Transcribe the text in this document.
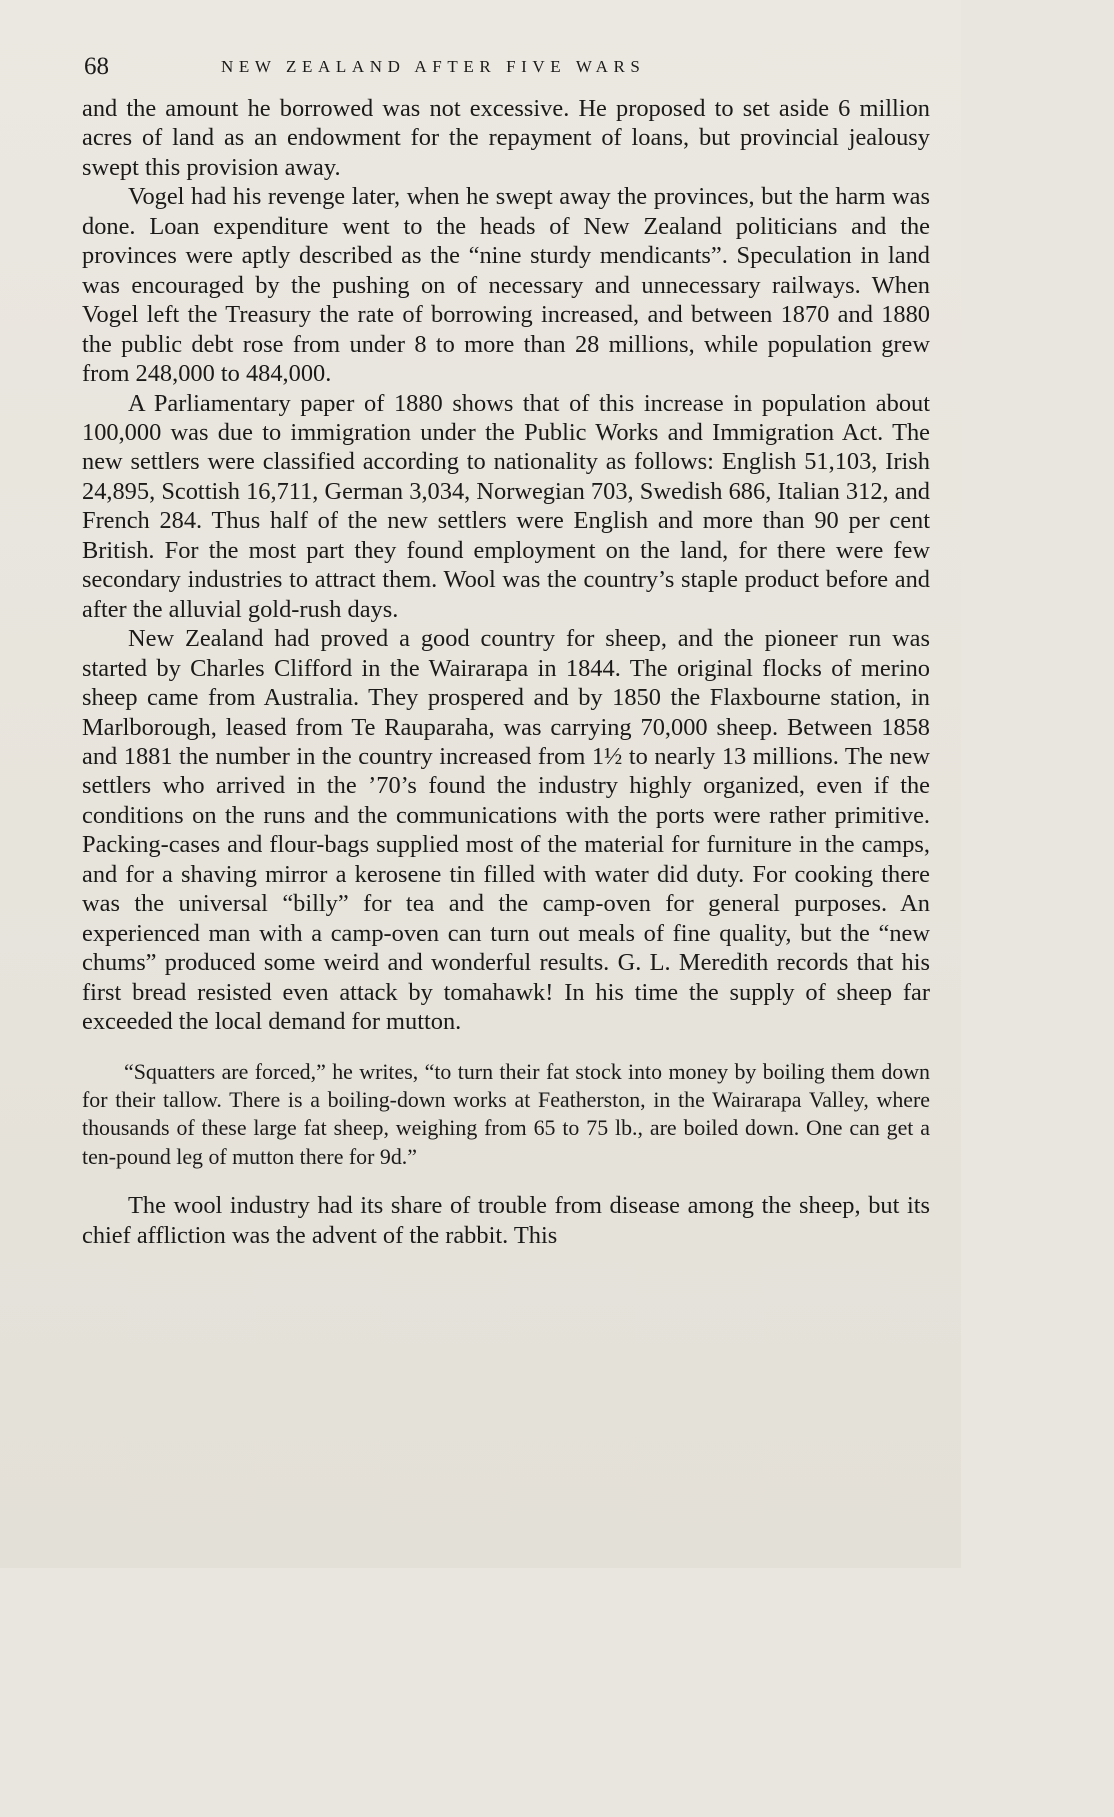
68	NEW ZEALAND AFTER FIVE WARS

and the amount he borrowed was not excessive. He proposed to set aside 6 million acres of land as an endowment for the repayment of loans, but provincial jealousy swept this provision away.

Vogel had his revenge later, when he swept away the provinces, but the harm was done. Loan expenditure went to the heads of New Zealand politicians and the provinces were aptly described as the “nine sturdy mendicants”. Speculation in land was encouraged by the pushing on of necessary and unnecessary railways. When Vogel left the Treasury the rate of borrowing increased, and between 1870 and 1880 the public debt rose from under 8 to more than 28 millions, while population grew from 248,000 to 484,000.

A Parliamentary paper of 1880 shows that of this increase in population about 100,000 was due to immigration under the Public Works and Immigration Act. The new settlers were classified according to nationality as follows: English 51,103, Irish 24,895, Scottish 16,711, German 3,034, Norwegian 703, Swedish 686, Italian 312, and French 284. Thus half of the new settlers were English and more than 90 per cent British. For the most part they found employment on the land, for there were few secondary industries to attract them. Wool was the country’s staple product before and after the alluvial gold-rush days.

New Zealand had proved a good country for sheep, and the pioneer run was started by Charles Clifford in the Wairarapa in 1844. The original flocks of merino sheep came from Australia. They prospered and by 1850 the Flaxbourne station, in Marlborough, leased from Te Rauparaha, was carrying 70,000 sheep. Between 1858 and 1881 the number in the country increased from 1½ to nearly 13 millions. The new settlers who arrived in the ’70’s found the industry highly organized, even if the conditions on the runs and the communications with the ports were rather primitive. Packing-cases and flour-bags supplied most of the material for furniture in the camps, and for a shaving mirror a kerosene tin filled with water did duty. For cooking there was the universal “billy” for tea and the camp-oven for general purposes. An experienced man with a camp-oven can turn out meals of fine quality, but the “new chums” produced some weird and wonderful results. G. L. Meredith records that his first bread resisted even attack by tomahawk! In his time the supply of sheep far exceeded the local demand for mutton.

“Squatters are forced,” he writes, “to turn their fat stock into money by boiling them down for their tallow. There is a boiling-down works at Featherston, in the Wairarapa Valley, where thousands of these large fat sheep, weighing from 65 to 75 lb., are boiled down. One can get a ten-pound leg of mutton there for 9d.”

The wool industry had its share of trouble from disease among the sheep, but its chief affliction was the advent of the rabbit. This
